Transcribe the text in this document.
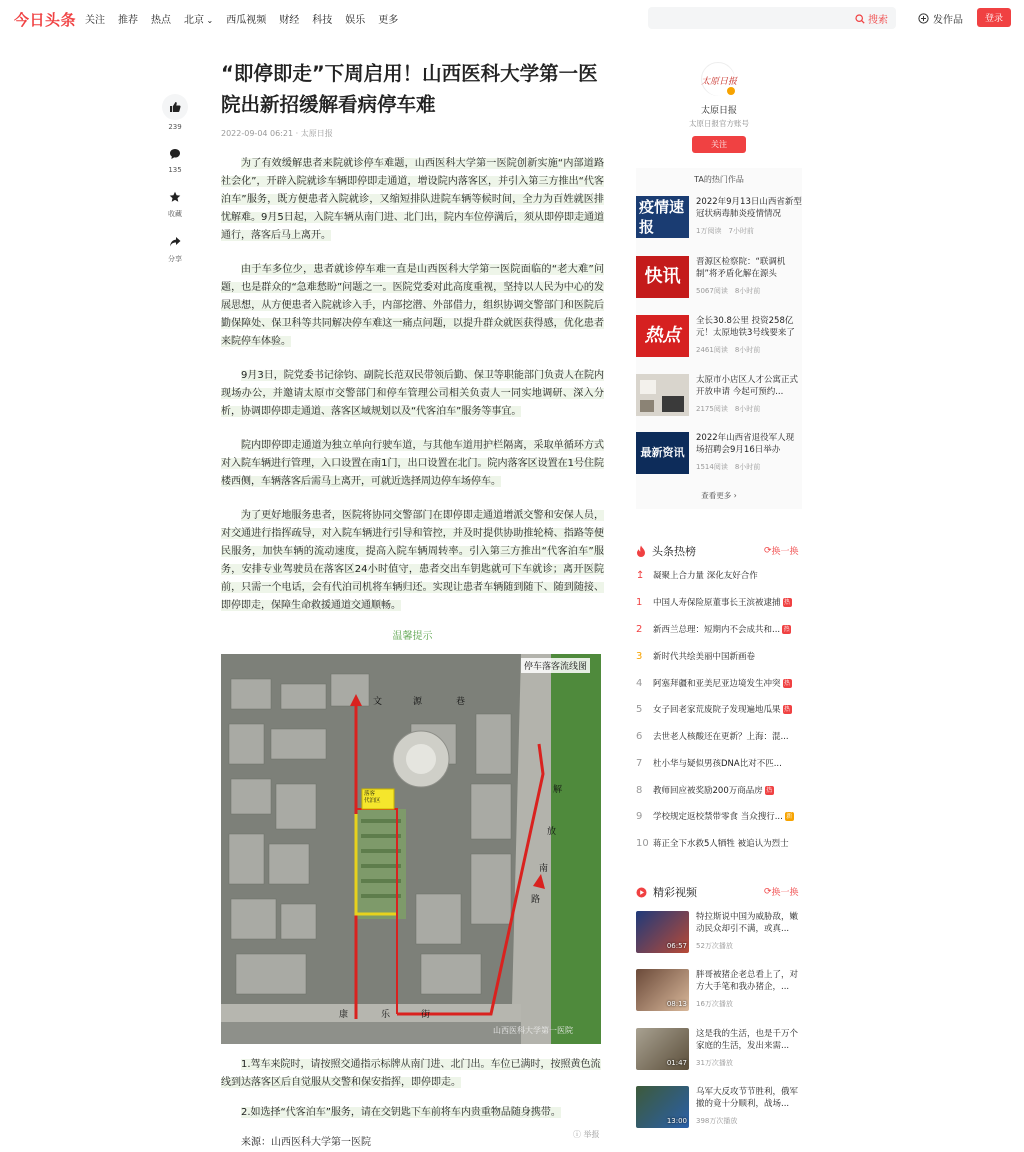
今日头条 关注 推荐 热点 北京 ⌄	西瓜视频 财经 科技 娱乐 更多	搜索	发作品	登录
239
135
收藏
分享
“即停即走”下周启用！山西医科大学第一医院出新招缓解看病停车难
2022-09-04 06:21 · 太原日报

为了有效缓解患者来院就诊停车难题，山西医科大学第一医院创新实施“内部道路社会化”，开辟入院就诊车辆即停即走通道，增设院内落客区，并引入第三方推出“代客泊车”服务，既方便患者入院就诊，又缩短排队进院车辆等候时间，全力为百姓就医排忧解难。9月5日起，入院车辆从南门进、北门出，院内车位停满后，须从即停即走通道通行，落客后马上离开。

由于车多位少，患者就诊停车难一直是山西医科大学第一医院面临的“老大难”问题，也是群众的“急难愁盼”问题之一。医院党委对此高度重视，坚持以人民为中心的发展思想，从方便患者入院就诊入手，内部挖潜、外部借力，组织协调交警部门和医院后勤保障处、保卫科等共同解决停车难这一痛点问题，以提升群众就医获得感，优化患者来院停车体验。

9月3日，院党委书记徐钧、副院长范双民带领后勤、保卫等职能部门负责人在院内现场办公，并邀请太原市交警部门和停车管理公司相关负责人一同实地调研、深入分析，协调即停即走通道、落客区域规划以及“代客泊车”服务等事宜。

院内即停即走通道为独立单向行驶车道，与其他车道用护栏隔离，采取单循环方式对入院车辆进行管理，入口设置在南1门，出口设置在北门。院内落客区设置在1号住院楼西侧，车辆落客后需马上离开，可就近选择周边停车场停车。

为了更好地服务患者，医院将协同交警部门在即停即走通道增派交警和安保人员，对交通进行指挥疏导，对入院车辆进行引导和管控，并及时提供协助推轮椅、指路等便民服务，加快车辆的流动速度，提高入院车辆周转率。引入第三方推出“代客泊车”服务，安排专业驾驶员在落客区24小时值守，患者交出车钥匙就可下车就诊；离开医院前，只需一个电话，会有代泊司机将车辆归还。实现让患者车辆随到随下、随到随接、即停即走，保障生命救援通道交通顺畅。

温馨提示
停车落客流线图
文	源	巷
解
放
南
路
康	乐	街
落客
代泊区
山西医科大学第一医院

1.驾车来院时，请按照交通指示标牌从南门进、北门出。车位已满时，按照黄色流线到达落客区后自觉服从交警和保安指挥，即停即走。

2.如选择“代客泊车”服务，请在交钥匙下车前将车内贵重物品随身携带。

来源：山西医科大学第一医院

ⓘ 举报
太原日报
太原日报
太原日报官方账号
关注
TA的热门作品
疫情速报
2022年9月13日山西省新型冠状病毒肺炎疫情情况
1万阅读　 7小时前
快讯
晋源区检察院：“联调机制”将矛盾化解在源头
5067阅读　 8小时前
热点
全长30.8公里 投资258亿元！太原地铁3号线要来了
2461阅读　 8小时前
太原市小店区人才公寓正式开放申请 今起可预约...
2175阅读　 8小时前
最新资讯
2022年山西省退役军人现场招聘会9月16日举办
1514阅读　 8小时前
查看更多 ›
头条热榜	⟳ 换一换
↥	凝聚上合力量 深化友好合作
1	中国人寿保险原董事长王滨被逮捕 热
2	新西兰总理：短期内不会成共和... 热
3	新时代共绘美丽中国新画卷
4	阿塞拜疆和亚美尼亚边境发生冲突 热
5	女子回老家荒废院子发现遍地瓜果 热
6	去世老人核酸还在更新？上海：混...
7	杜小华与疑似男孩DNA比对不匹...
8	教师回应被奖励200万商品房 热
9	学校规定返校禁带零食 当众搜行... 新
10 蒋正全下水救5人牺牲 被追认为烈士
精彩视频	⟳ 换一换
06:57
特拉斯说中国为威胁敌，嫩动民众却引不满，或真...
52万次播放
08:13
胖哥被猪企老总看上了，对方大手笔和我办猪企，...
16万次播放
01:47
这是我的生活，也是千万个家庭的生活，发出来需...
31万次播放
13:00
乌军大反攻节节胜利，俄军撤的竟十分顺利，战场...
398万次播放
